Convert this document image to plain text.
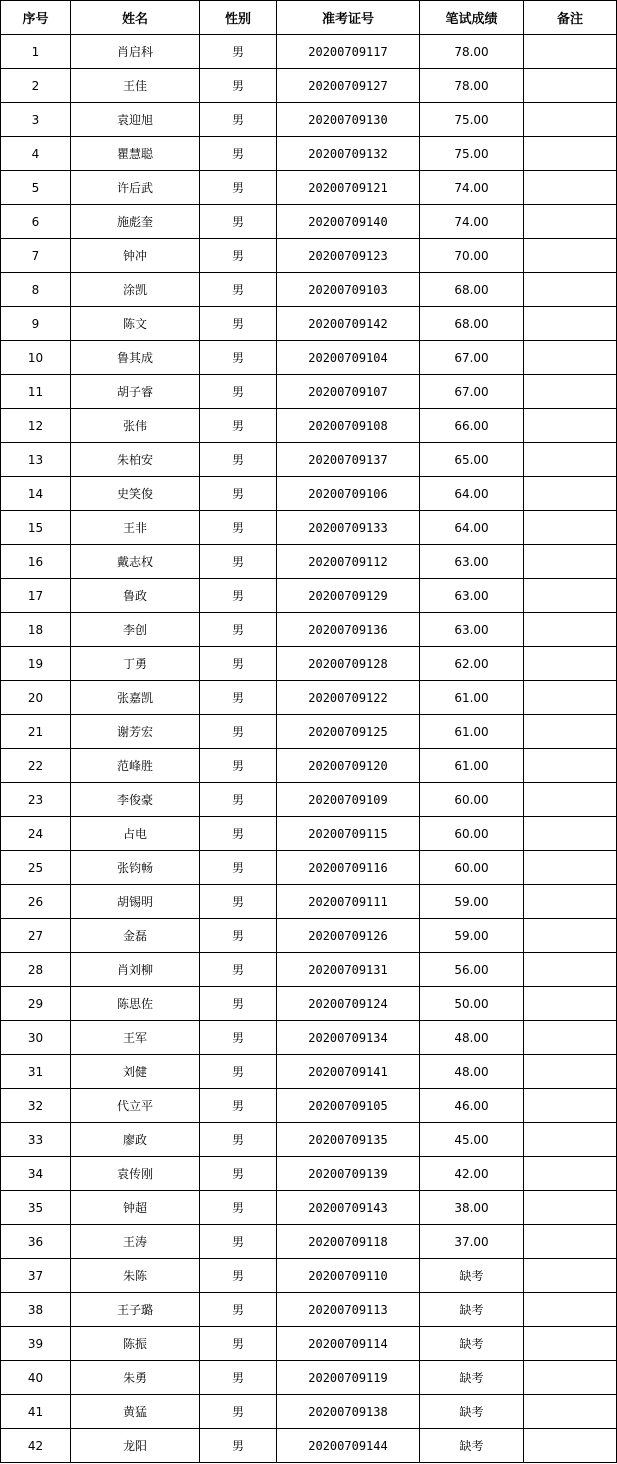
序号	姓名	性别	准考证号	笔试成绩	备注
1	肖启科	男	20200709117	78.00	
2	王佳	男	20200709127	78.00	
3	袁迎旭	男	20200709130	75.00	
4	瞿慧聪	男	20200709132	75.00	
5	许后武	男	20200709121	74.00	
6	施彪奎	男	20200709140	74.00	
7	钟冲	男	20200709123	70.00	
8	涂凯	男	20200709103	68.00	
9	陈文	男	20200709142	68.00	
10	鲁其成	男	20200709104	67.00	
11	胡子睿	男	20200709107	67.00	
12	张伟	男	20200709108	66.00	
13	朱柏安	男	20200709137	65.00	
14	史笑俊	男	20200709106	64.00	
15	王非	男	20200709133	64.00	
16	戴志权	男	20200709112	63.00	
17	鲁政	男	20200709129	63.00	
18	李创	男	20200709136	63.00	
19	丁勇	男	20200709128	62.00	
20	张嘉凯	男	20200709122	61.00	
21	谢芳宏	男	20200709125	61.00	
22	范峰胜	男	20200709120	61.00	
23	李俊豪	男	20200709109	60.00	
24	占电	男	20200709115	60.00	
25	张钧畅	男	20200709116	60.00	
26	胡锡明	男	20200709111	59.00	
27	金磊	男	20200709126	59.00	
28	肖刘柳	男	20200709131	56.00	
29	陈思佐	男	20200709124	50.00	
30	王军	男	20200709134	48.00	
31	刘健	男	20200709141	48.00	
32	代立平	男	20200709105	46.00	
33	廖政	男	20200709135	45.00	
34	袁传刚	男	20200709139	42.00	
35	钟超	男	20200709143	38.00	
36	王涛	男	20200709118	37.00	
37	朱陈	男	20200709110	缺考	
38	王子璐	男	20200709113	缺考	
39	陈振	男	20200709114	缺考	
40	朱勇	男	20200709119	缺考	
41	黄猛	男	20200709138	缺考	
42	龙阳	男	20200709144	缺考	
